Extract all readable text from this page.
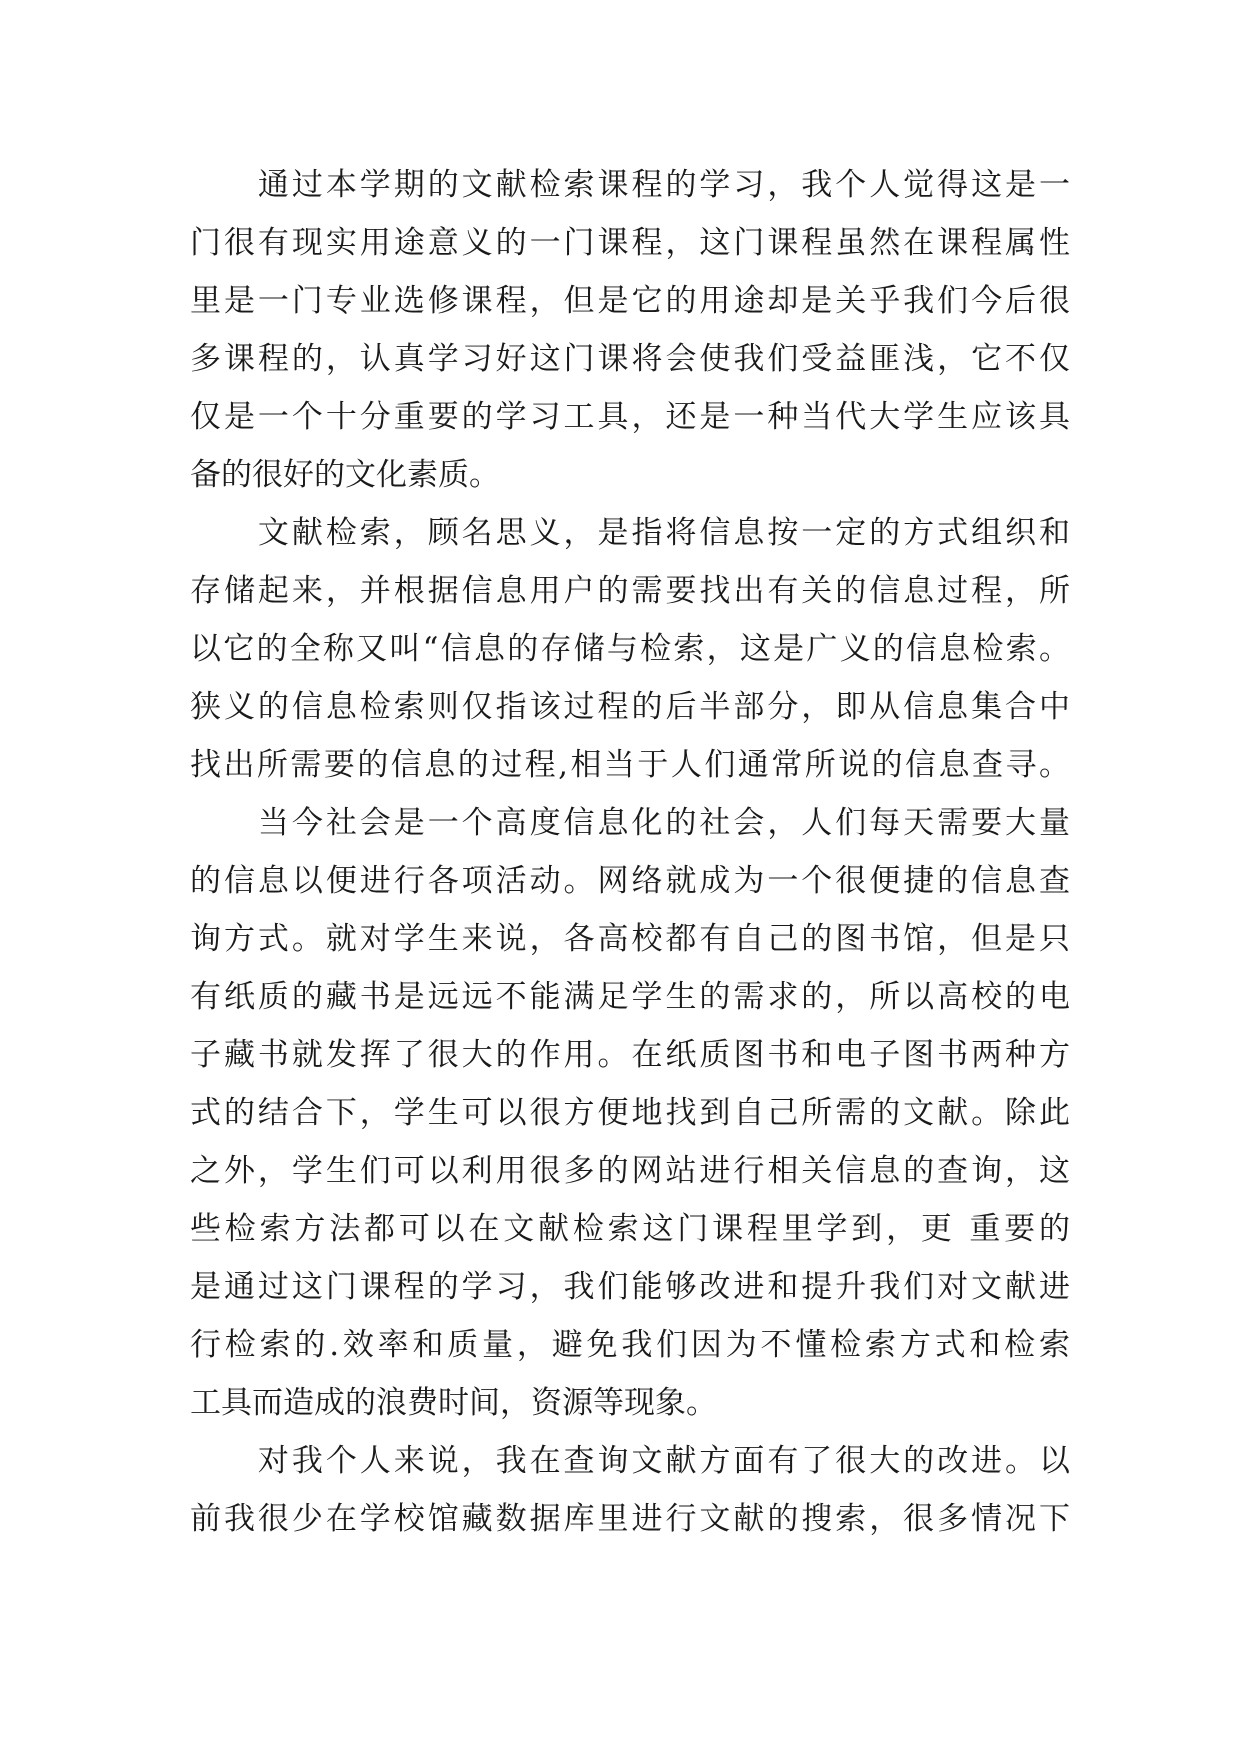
　　通过本学期的文献检索课程的学习，我个人觉得这是一
门很有现实用途意义的一门课程，这门课程虽然在课程属性
里是一门专业选修课程，但是它的用途却是关乎我们今后很
多课程的，认真学习好这门课将会使我们受益匪浅，它不仅
仅是一个十分重要的学习工具，还是一种当代大学生应该具
备的很好的文化素质。
　　文献检索，顾名思义，是指将信息按一定的方式组织和
存储起来，并根据信息用户的需要找出有关的信息过程，所
以它的全称又叫“信息的存储与检索，这是广义的信息检索。
狭义的信息检索则仅指该过程的后半部分，即从信息集合中
找出所需要的信息的过程,相当于人们通常所说的信息查寻。
　　当今社会是一个高度信息化的社会，人们每天需要大量
的信息以便进行各项活动。网络就成为一个很便捷的信息查
询方式。就对学生来说，各高校都有自己的图书馆，但是只
有纸质的藏书是远远不能满足学生的需求的，所以高校的电
子藏书就发挥了很大的作用。在纸质图书和电子图书两种方
式的结合下，学生可以很方便地找到自己所需的文献。除此
之外，学生们可以利用很多的网站进行相关信息的查询，这
些检索方法都可以在文献检索这门课程里学到，更 重要的
是通过这门课程的学习，我们能够改进和提升我们对文献进
行检索的.效率和质量，避免我们因为不懂检索方式和检索
工具而造成的浪费时间，资源等现象。
　　对我个人来说，我在查询文献方面有了很大的改进。以
前我很少在学校馆藏数据库里进行文献的搜索，很多情况下
